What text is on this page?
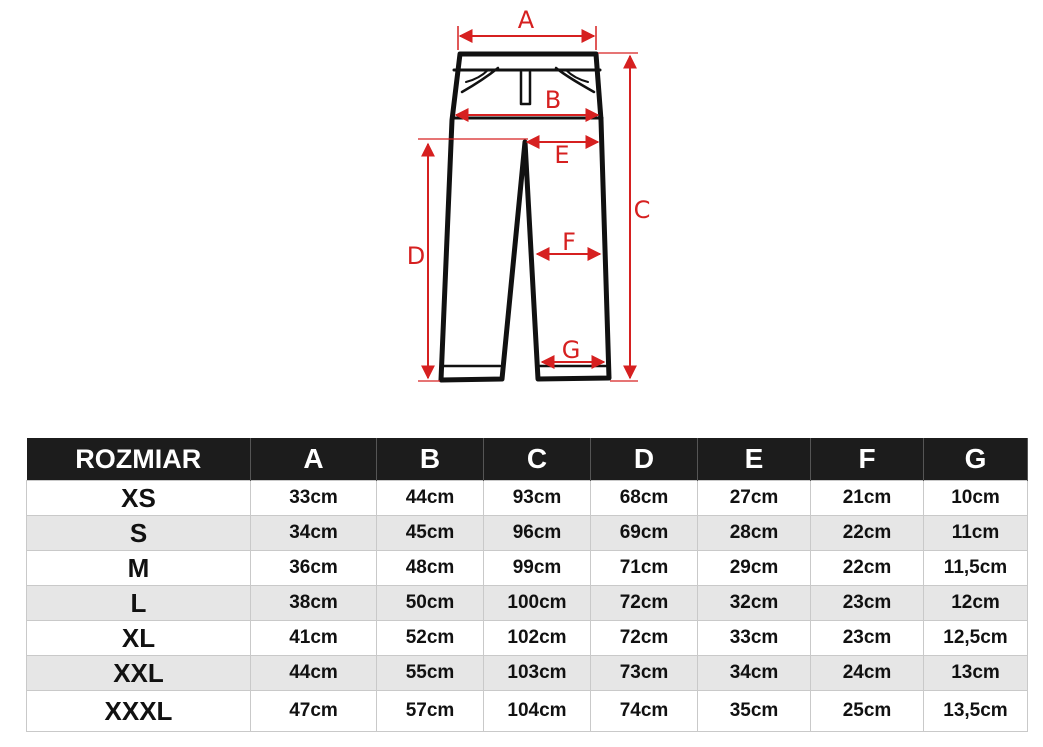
A
B
C
D
E
F
G
ROZMIAR	A	B	C	D	E	F	G
XS	33cm	44cm	93cm	68cm	27cm	21cm	10cm
S	34cm	45cm	96cm	69cm	28cm	22cm	11cm
M	36cm	48cm	99cm	71cm	29cm	22cm	11,5cm
L	38cm	50cm	100cm	72cm	32cm	23cm	12cm
XL	41cm	52cm	102cm	72cm	33cm	23cm	12,5cm
XXL	44cm	55cm	103cm	73cm	34cm	24cm	13cm
XXXL	47cm	57cm	104cm	74cm	35cm	25cm	13,5cm
